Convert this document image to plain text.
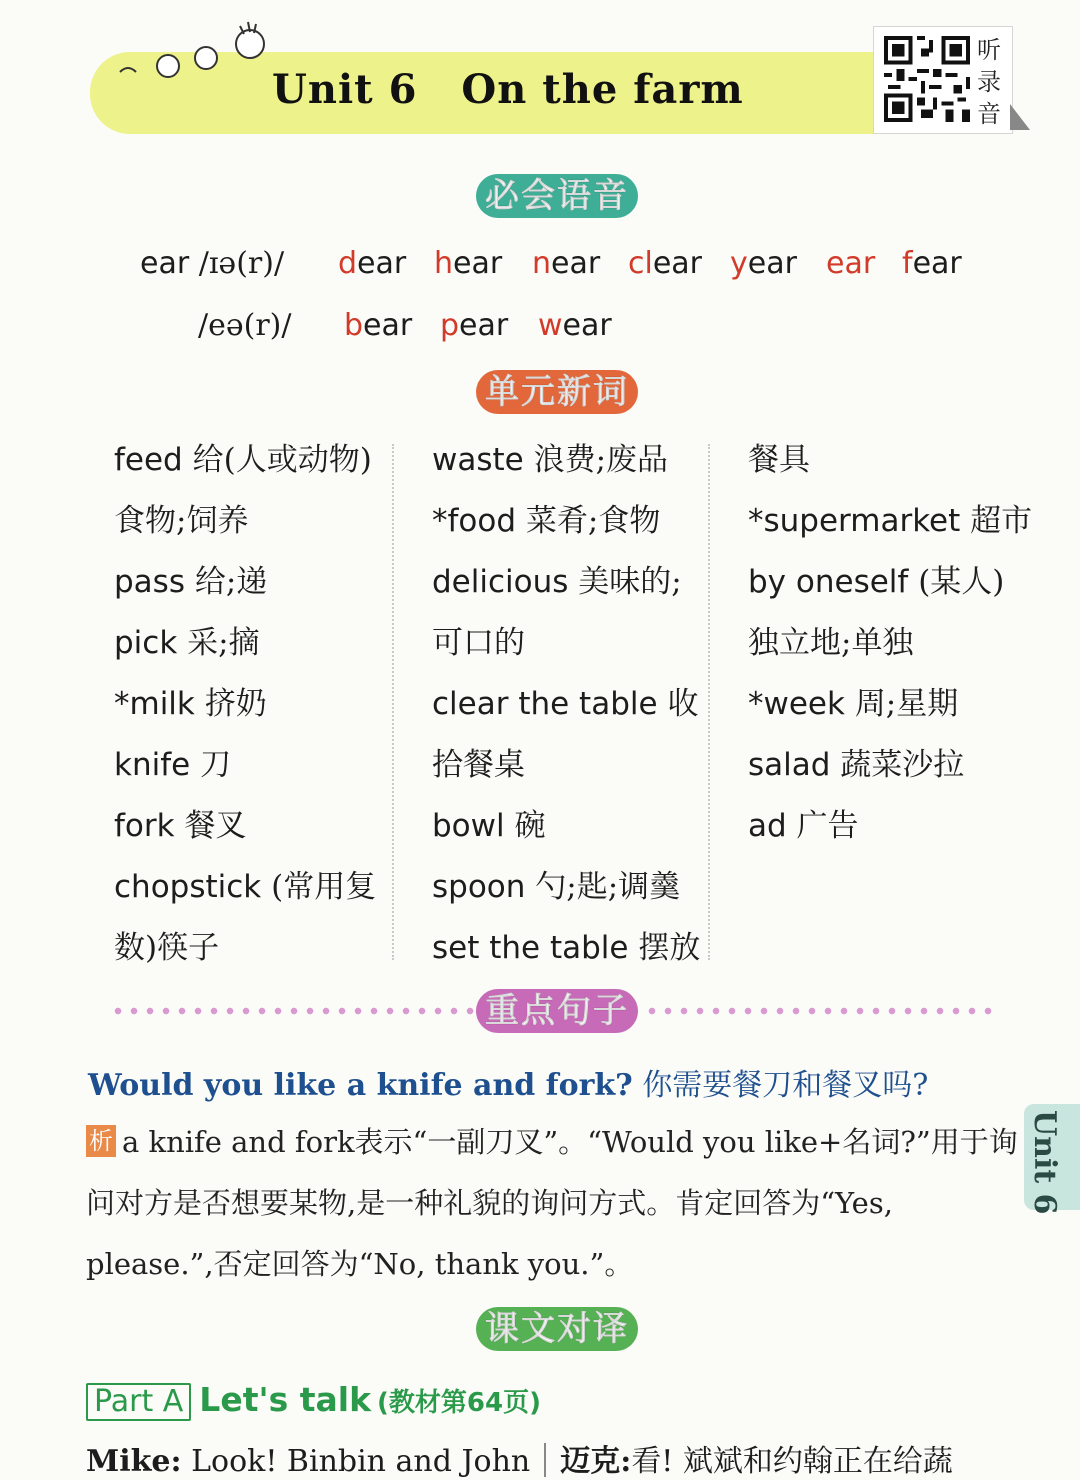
Unit 6 On the farm
听录音
必会语音
ear /ɪə(r)/ dear hear near clear year ear fear
/eə(r)/ bear pear wear
单元新词
feed 给(人或动物)
食物;饲养
pass 给;递
pick 采;摘
*milk 挤奶
knife 刀
fork 餐叉
chopstick (常用复
数)筷子
waste 浪费;废品
*food 菜肴;食物
delicious 美味的;
可口的
clear the table 收
拾餐桌
bowl 碗
spoon 勺;匙;调羹
set the table 摆放
餐具
*supermarket 超市
by oneself (某人)
独立地;单独
*week 周;星期
salad 蔬菜沙拉
ad 广告
重点句子
Would you like a knife and fork? 你需要餐刀和餐叉吗?

析 a knife and fork表示“一副刀叉”。“Would you like+名词?”用于询

问对方是否想要某物,是一种礼貌的询问方式。肯定回答为“Yes,

please.”,否定回答为“No, thank you.”。

Unit 6
课文对译
Part A Let's talk (教材第64页)
Mike: Look! Binbin and John 迈克:看! 斌斌和约翰正在给蔬
